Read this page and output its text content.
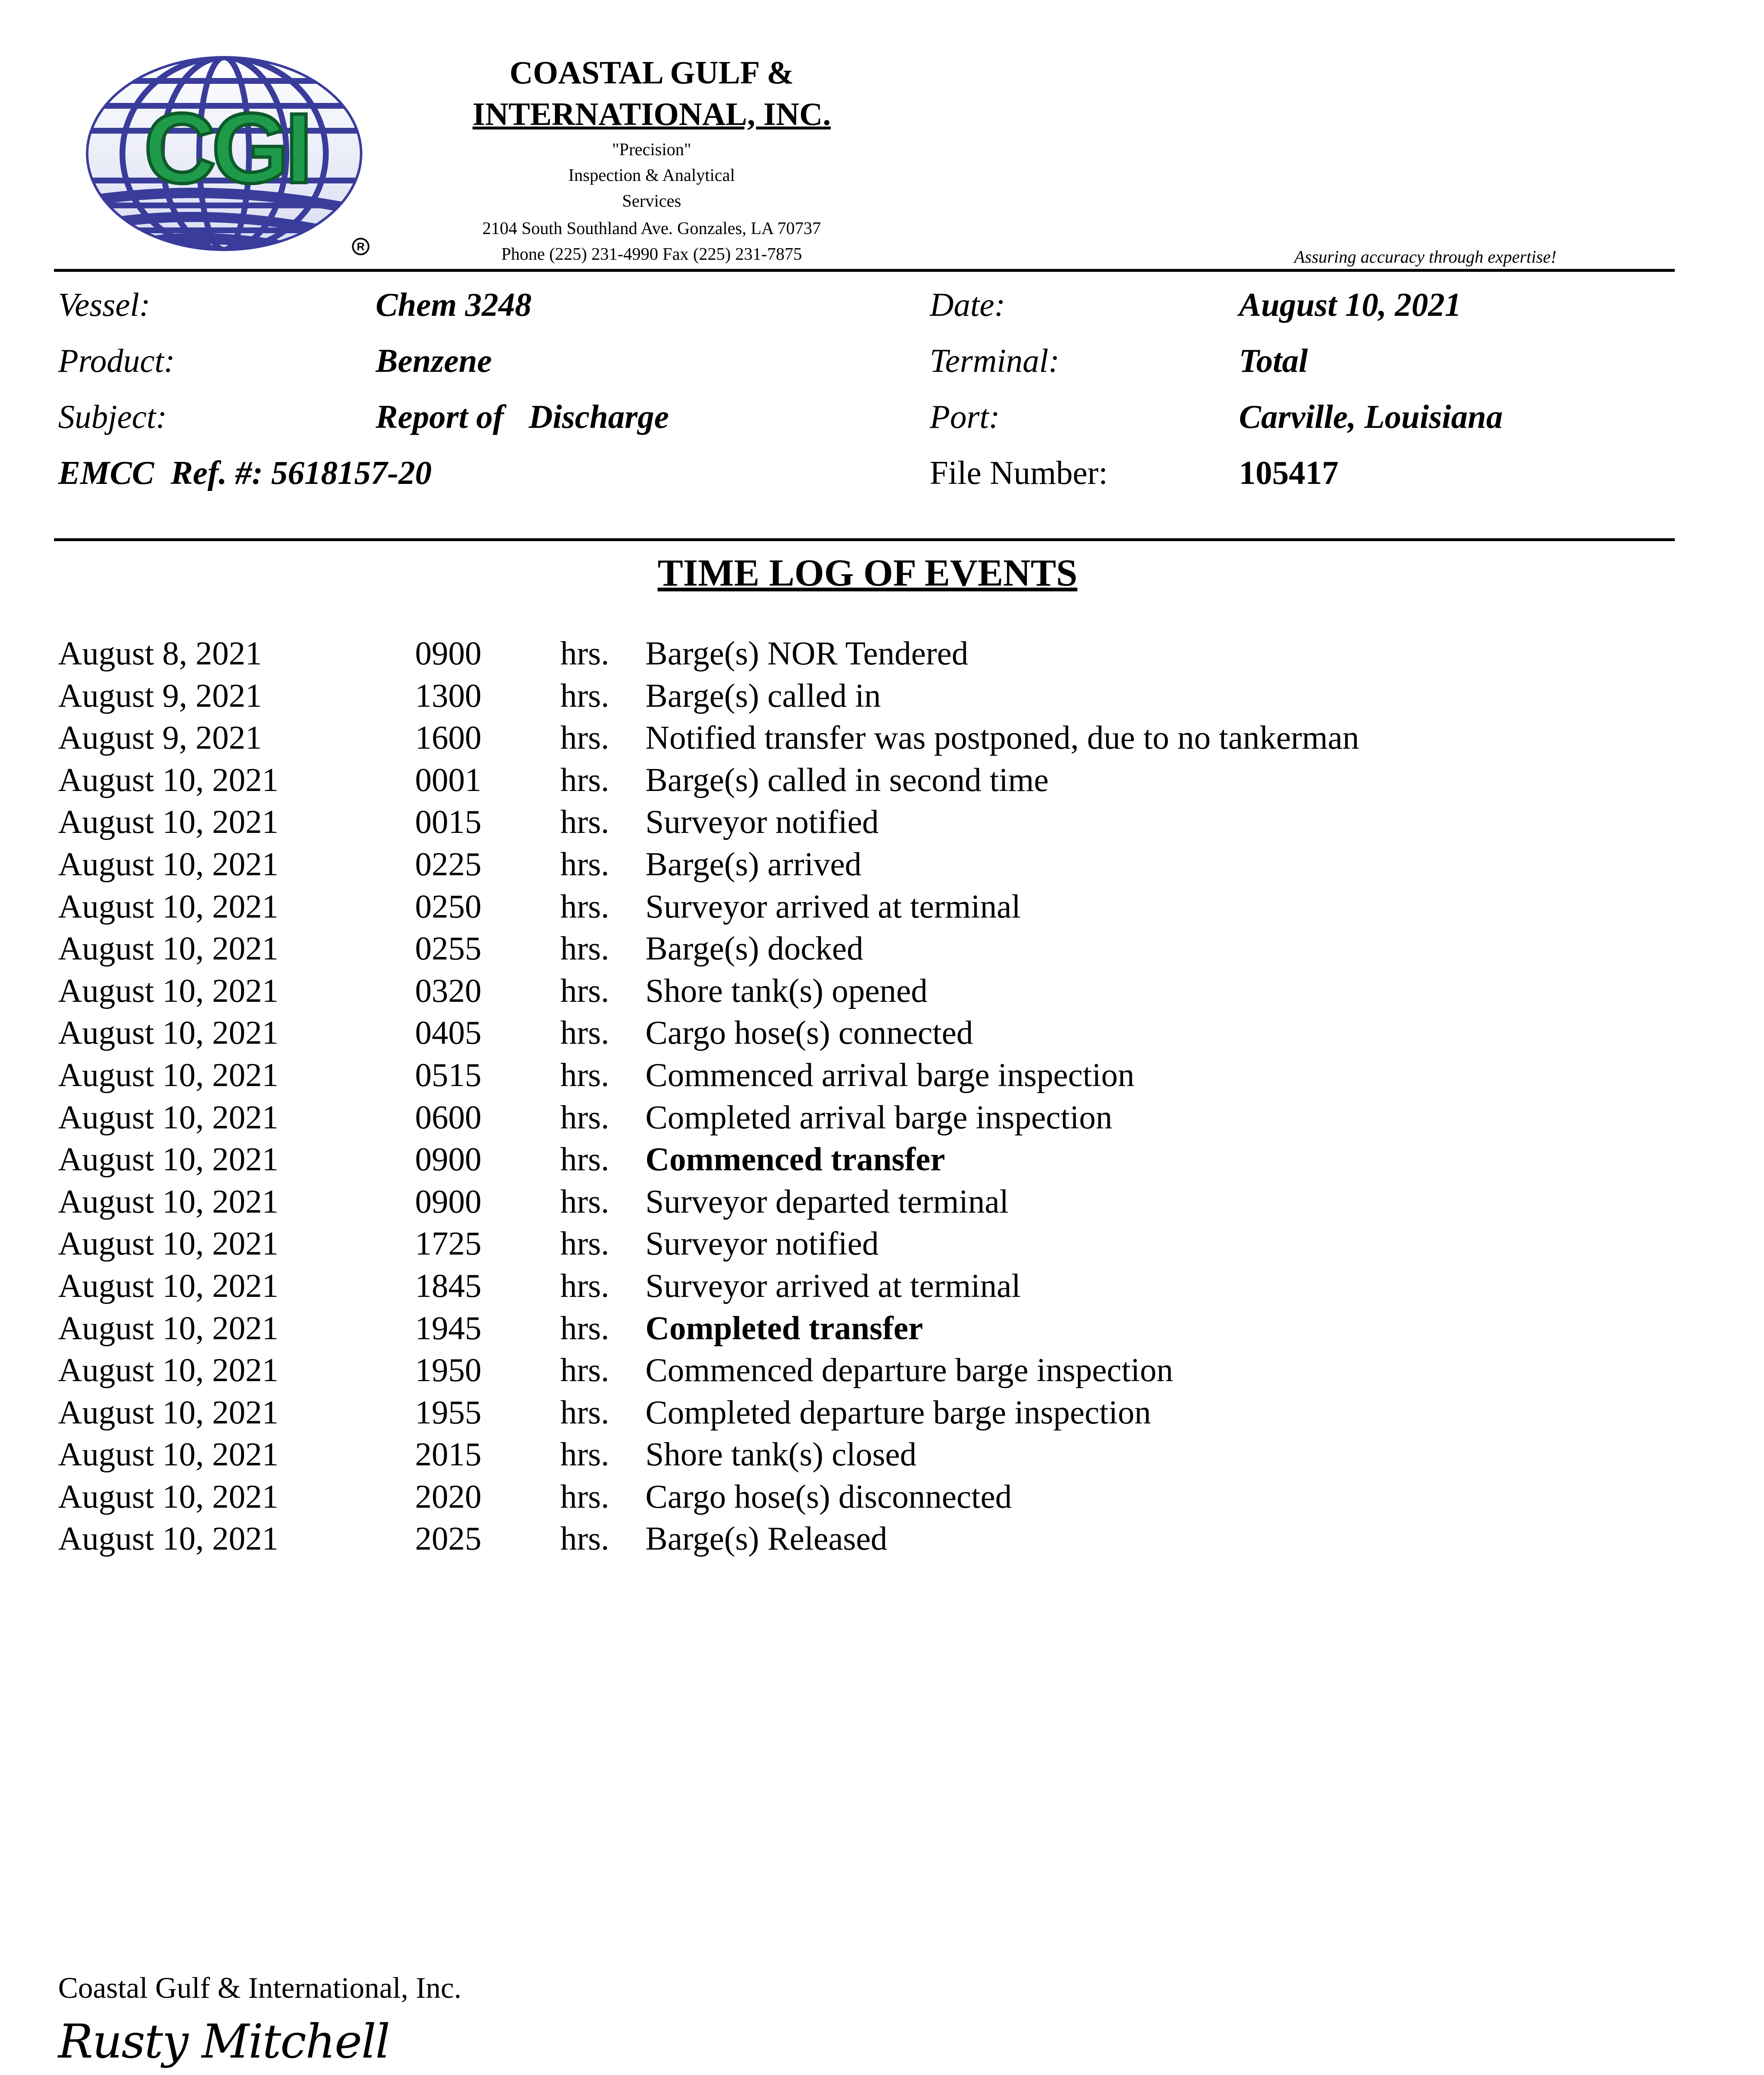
CGI
R
COASTAL GULF &
INTERNATIONAL, INC.
"Precision"
Inspection & Analytical
Services
2104 South Southland Ave. Gonzales, LA 70737
Phone (225) 231-4990 Fax (225) 231-7875	Assuring accuracy through expertise!
Vessel:	Chem 3248	Date:	August 10, 2021
Product:	Benzene	Terminal:	Total
Subject:	Report of   Discharge	Port:	Carville, Louisiana
EMCC  Ref. #: 5618157-20	File Number:	105417
TIME LOG OF EVENTS
August 8, 2021	0900 hrs. Barge(s) NOR Tendered
August 9, 2021	1300 hrs. Barge(s) called in
August 9, 2021	1600 hrs. Notified transfer was postponed, due to no tankerman
August 10, 2021	0001 hrs. Barge(s) called in second time
August 10, 2021	0015 hrs. Surveyor notified
August 10, 2021	0225 hrs. Barge(s) arrived
August 10, 2021	0250 hrs. Surveyor arrived at terminal
August 10, 2021	0255 hrs. Barge(s) docked
August 10, 2021	0320 hrs. Shore tank(s) opened
August 10, 2021	0405 hrs. Cargo hose(s) connected
August 10, 2021	0515 hrs. Commenced arrival barge inspection
August 10, 2021	0600 hrs. Completed arrival barge inspection
August 10, 2021	0900 hrs. Commenced transfer
August 10, 2021	0900 hrs. Surveyor departed terminal
August 10, 2021	1725 hrs. Surveyor notified
August 10, 2021	1845 hrs. Surveyor arrived at terminal
August 10, 2021	1945 hrs. Completed transfer
August 10, 2021	1950 hrs. Commenced departure barge inspection
August 10, 2021	1955 hrs. Completed departure barge inspection
August 10, 2021	2015 hrs. Shore tank(s) closed
August 10, 2021	2020 hrs. Cargo hose(s) disconnected
August 10, 2021	2025 hrs. Barge(s) Released
Coastal Gulf & International, Inc.
Rusty Mitchell
